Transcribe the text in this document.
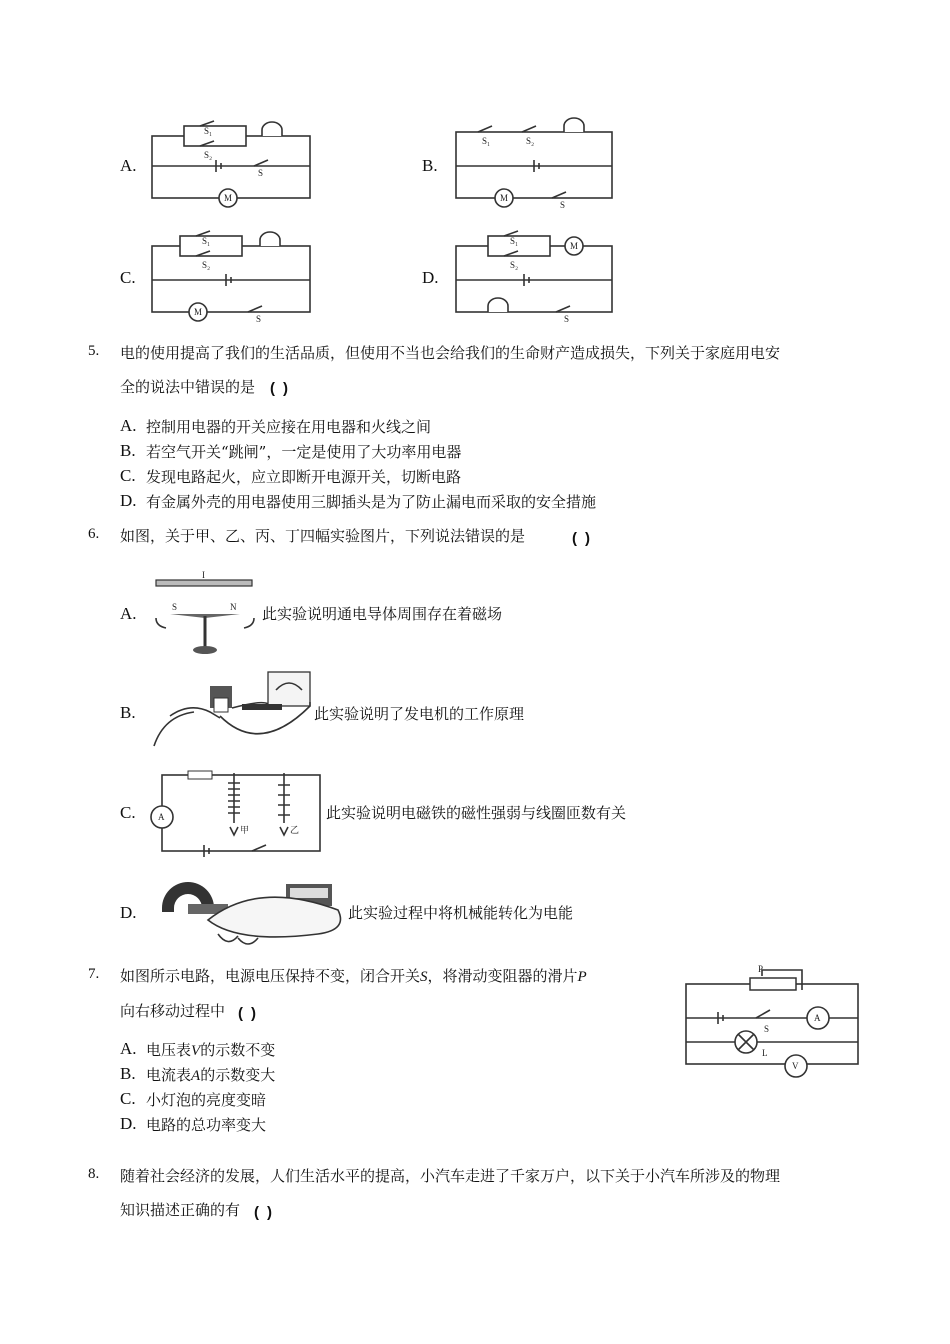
A.
M
S₁
S₂
S	B.
M
S₁	S₂
S
C.
M
S₁
S₂
S
D.
M
S₁
S₂
S
5. 电的使用提高了我们的生活品质，但使用不当也会给我们的生命财产造成损失，下列关于家庭用电安
全的说法中错误的是 ()
A. 控制用电器的开关应接在用电器和火线之间
B. 若空气开关“跳闸”，一定是使用了大功率用电器
C. 发现电路起火，应立即断开电源开关，切断电路
D. 有金属外壳的用电器使用三脚插头是为了防止漏电而采取的安全措施
6. 如图，关于甲、乙、丙、丁四幅实验图片，下列说法错误的是	()
A.
I
S	N 此实验说明通电导体周围存在着磁场
B.	此实验说明了发电机的工作原理
C. A
甲	乙
此实验说明电磁铁的磁性强弱与线圈匝数有关
D.	此实验过程中将机械能转化为电能
7. 如图所示电路，电源电压保持不变，闭合开关S，将滑动变阻器的滑片P
向右移动过程中 ()
A. 电压表V的示数不变
B. 电流表A的示数变大
C. 小灯泡的亮度变暗
D. 电路的总功率变大
P
S
A
L
V
8. 随着社会经济的发展，人们生活水平的提高，小汽车走进了千家万户，以下关于小汽车所涉及的物理
知识描述正确的有 ()
